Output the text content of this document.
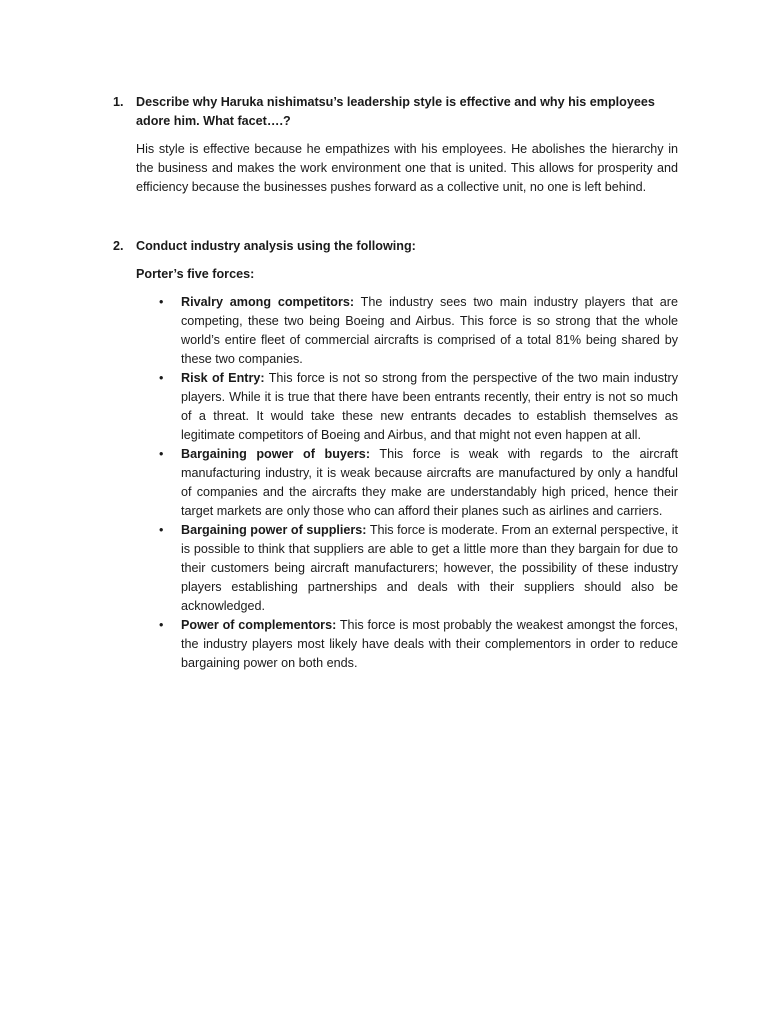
1. Describe why Haruka nishimatsu’s leadership style is effective and why his employees adore him. What facet….?
His style is effective because he empathizes with his employees. He abolishes the hierarchy in the business and makes the work environment one that is united. This allows for prosperity and efficiency because the businesses pushes forward as a collective unit, no one is left behind.
2. Conduct industry analysis using the following:
Porter’s five forces:
• Rivalry among competitors: The industry sees two main industry players that are competing, these two being Boeing and Airbus. This force is so strong that the whole world’s entire fleet of commercial aircrafts is comprised of a total 81% being shared by these two companies.
• Risk of Entry: This force is not so strong from the perspective of the two main industry players. While it is true that there have been entrants recently, their entry is not so much of a threat. It would take these new entrants decades to establish themselves as legitimate competitors of Boeing and Airbus, and that might not even happen at all.
• Bargaining power of buyers: This force is weak with regards to the aircraft manufacturing industry, it is weak because aircrafts are manufactured by only a handful of companies and the aircrafts they make are understandably high priced, hence their target markets are only those who can afford their planes such as airlines and carriers.
• Bargaining power of suppliers: This force is moderate. From an external perspective, it is possible to think that suppliers are able to get a little more than they bargain for due to their customers being aircraft manufacturers; however, the possibility of these industry players establishing partnerships and deals with their suppliers should also be acknowledged.
• Power of complementors: This force is most probably the weakest amongst the forces, the industry players most likely have deals with their complementors in order to reduce bargaining power on both ends.
